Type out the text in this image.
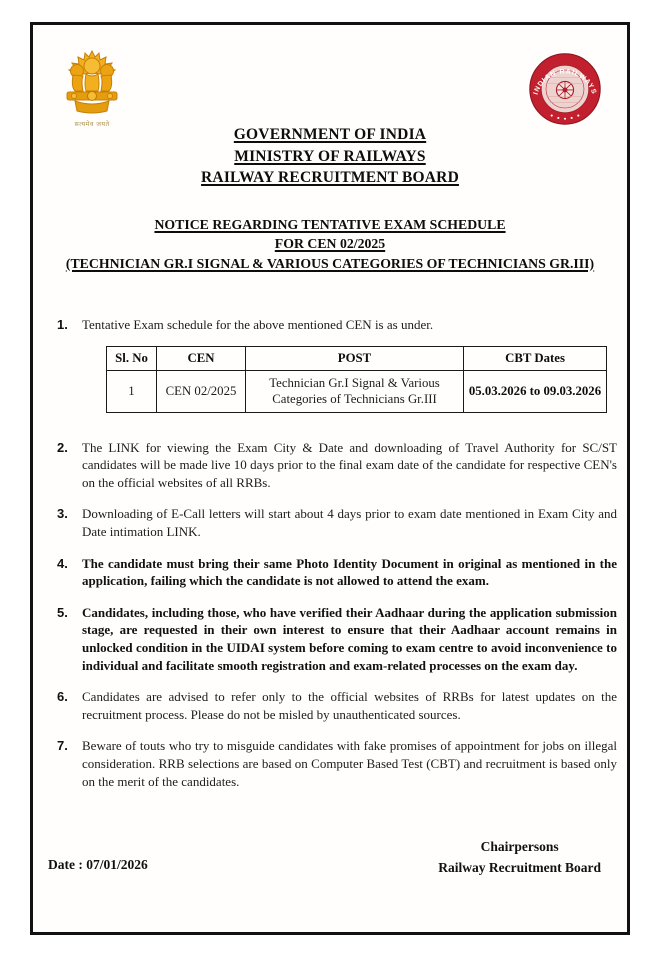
सत्यमेव जयते
INDIAN RAILWAYS
GOVERNMENT OF INDIA
MINISTRY OF RAILWAYS
RAILWAY RECRUITMENT BOARD
NOTICE REGARDING TENTATIVE EXAM SCHEDULE
FOR CEN 02/2025
(TECHNICIAN GR.I SIGNAL & VARIOUS CATEGORIES OF TECHNICIANS GR.III)
1.	Tentative Exam schedule for the above mentioned CEN is as under.
Sl. No	CEN	POST	CBT Dates
1	CEN 02/2025	Technician Gr.I Signal & Various Categories of Technicians Gr.III	05.03.2026 to 09.03.2026
2.	The LINK for viewing the Exam City & Date and downloading of Travel Authority for SC/ST candidates will be made live 10 days prior to the final exam date of the candidate for respective CEN's on the official websites of all RRBs.
3.	Downloading of E-Call letters will start about 4 days prior to exam date mentioned in Exam City and Date intimation LINK.
4.	The candidate must bring their same Photo Identity Document in original as mentioned in the application, failing which the candidate is not allowed to attend the exam.
5.	Candidates, including those, who have verified their Aadhaar during the application submission stage, are requested in their own interest to ensure that their Aadhaar account remains in unlocked condition in the UIDAI system before coming to exam centre to avoid inconvenience to individual and facilitate smooth registration and exam-related processes on the exam day.
6.	Candidates are advised to refer only to the official websites of RRBs for latest updates on the recruitment process. Please do not be misled by unauthenticated sources.
7.	Beware of touts who try to misguide candidates with fake promises of appointment for jobs on illegal consideration. RRB selections are based on Computer Based Test (CBT) and recruitment is based only on the merit of the candidates.
Date : 07/01/2026
Chairpersons
Railway Recruitment Board
